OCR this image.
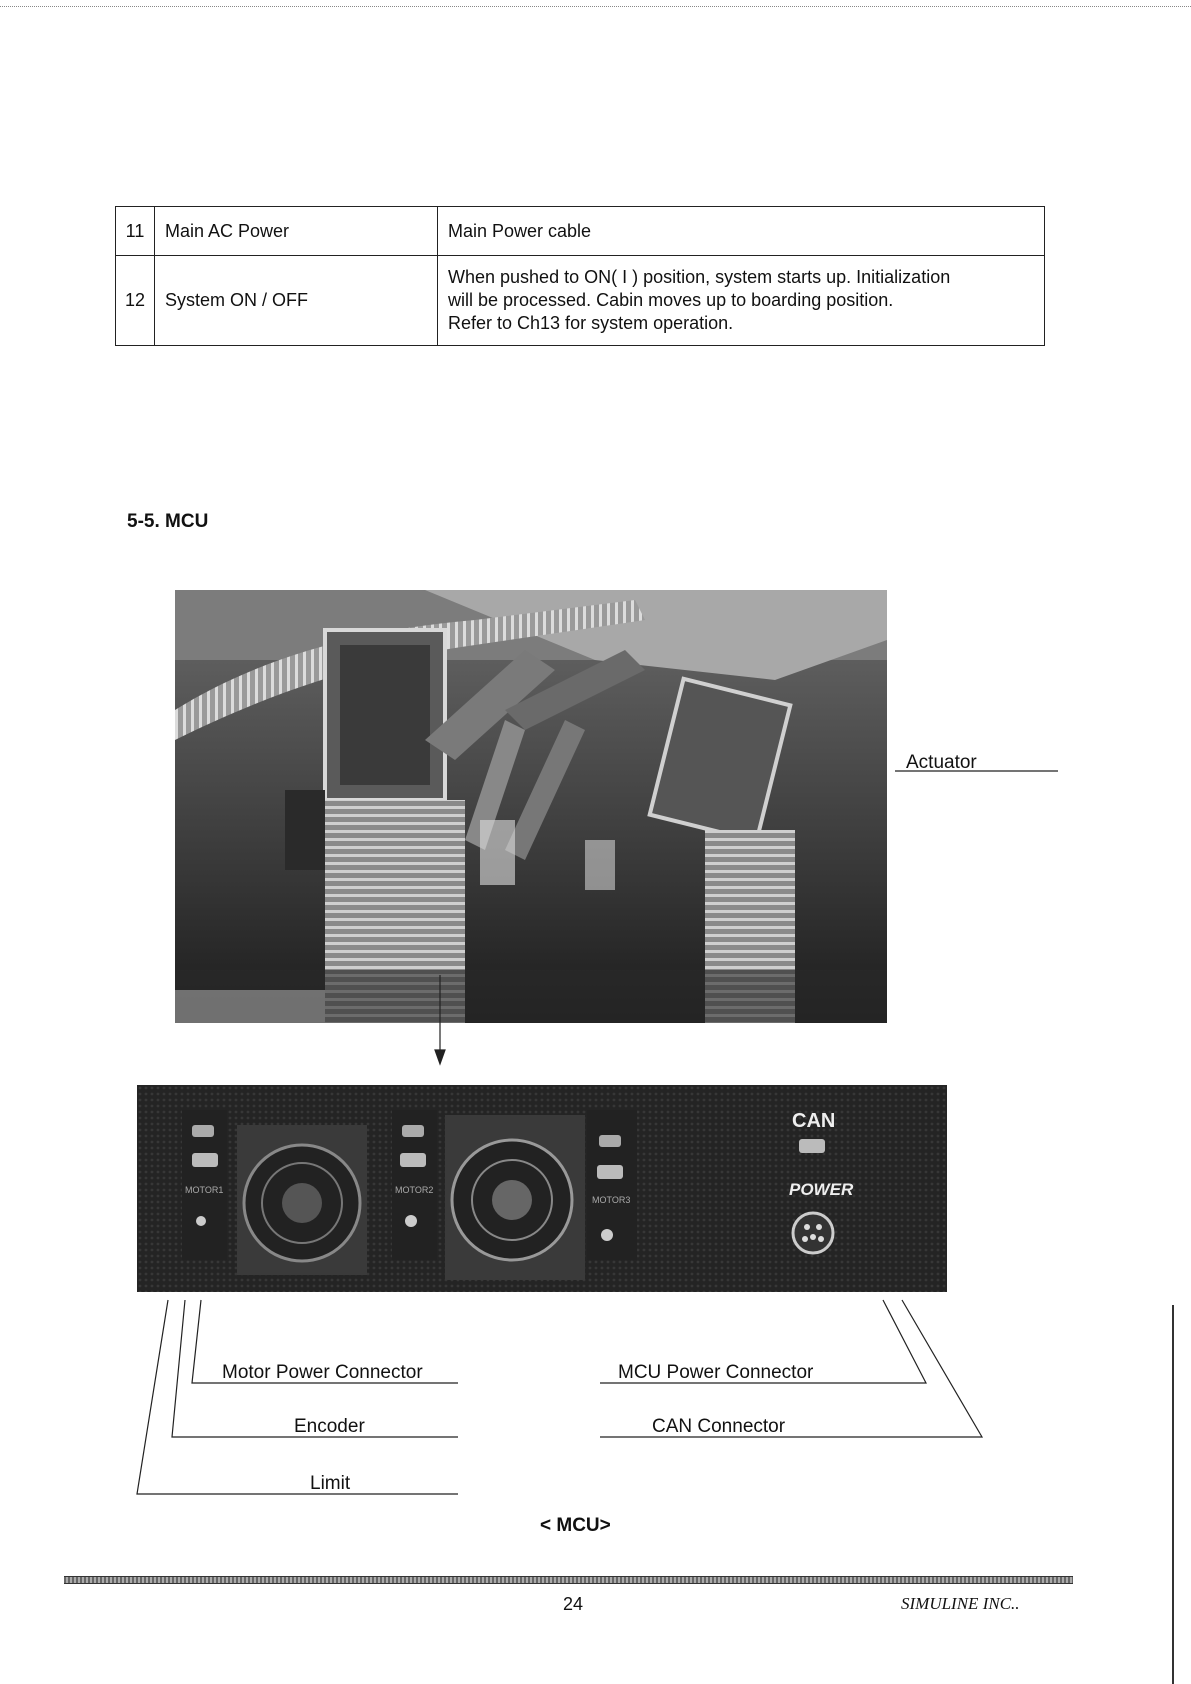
11	Main AC Power	Main Power cable
12	System ON / OFF	When pushed to ON( I ) position, system starts up. Initialization
will be processed. Cabin moves up to boarding position.
Refer to Ch13 for system operation.
5-5. MCU
MOTOR1	MOTOR2
MOTOR3
CAN
POWER
Actuator
Motor Power Connector
Encoder
Limit
MCU Power Connector
CAN Connector
< MCU>
24	SIMULINE INC..
